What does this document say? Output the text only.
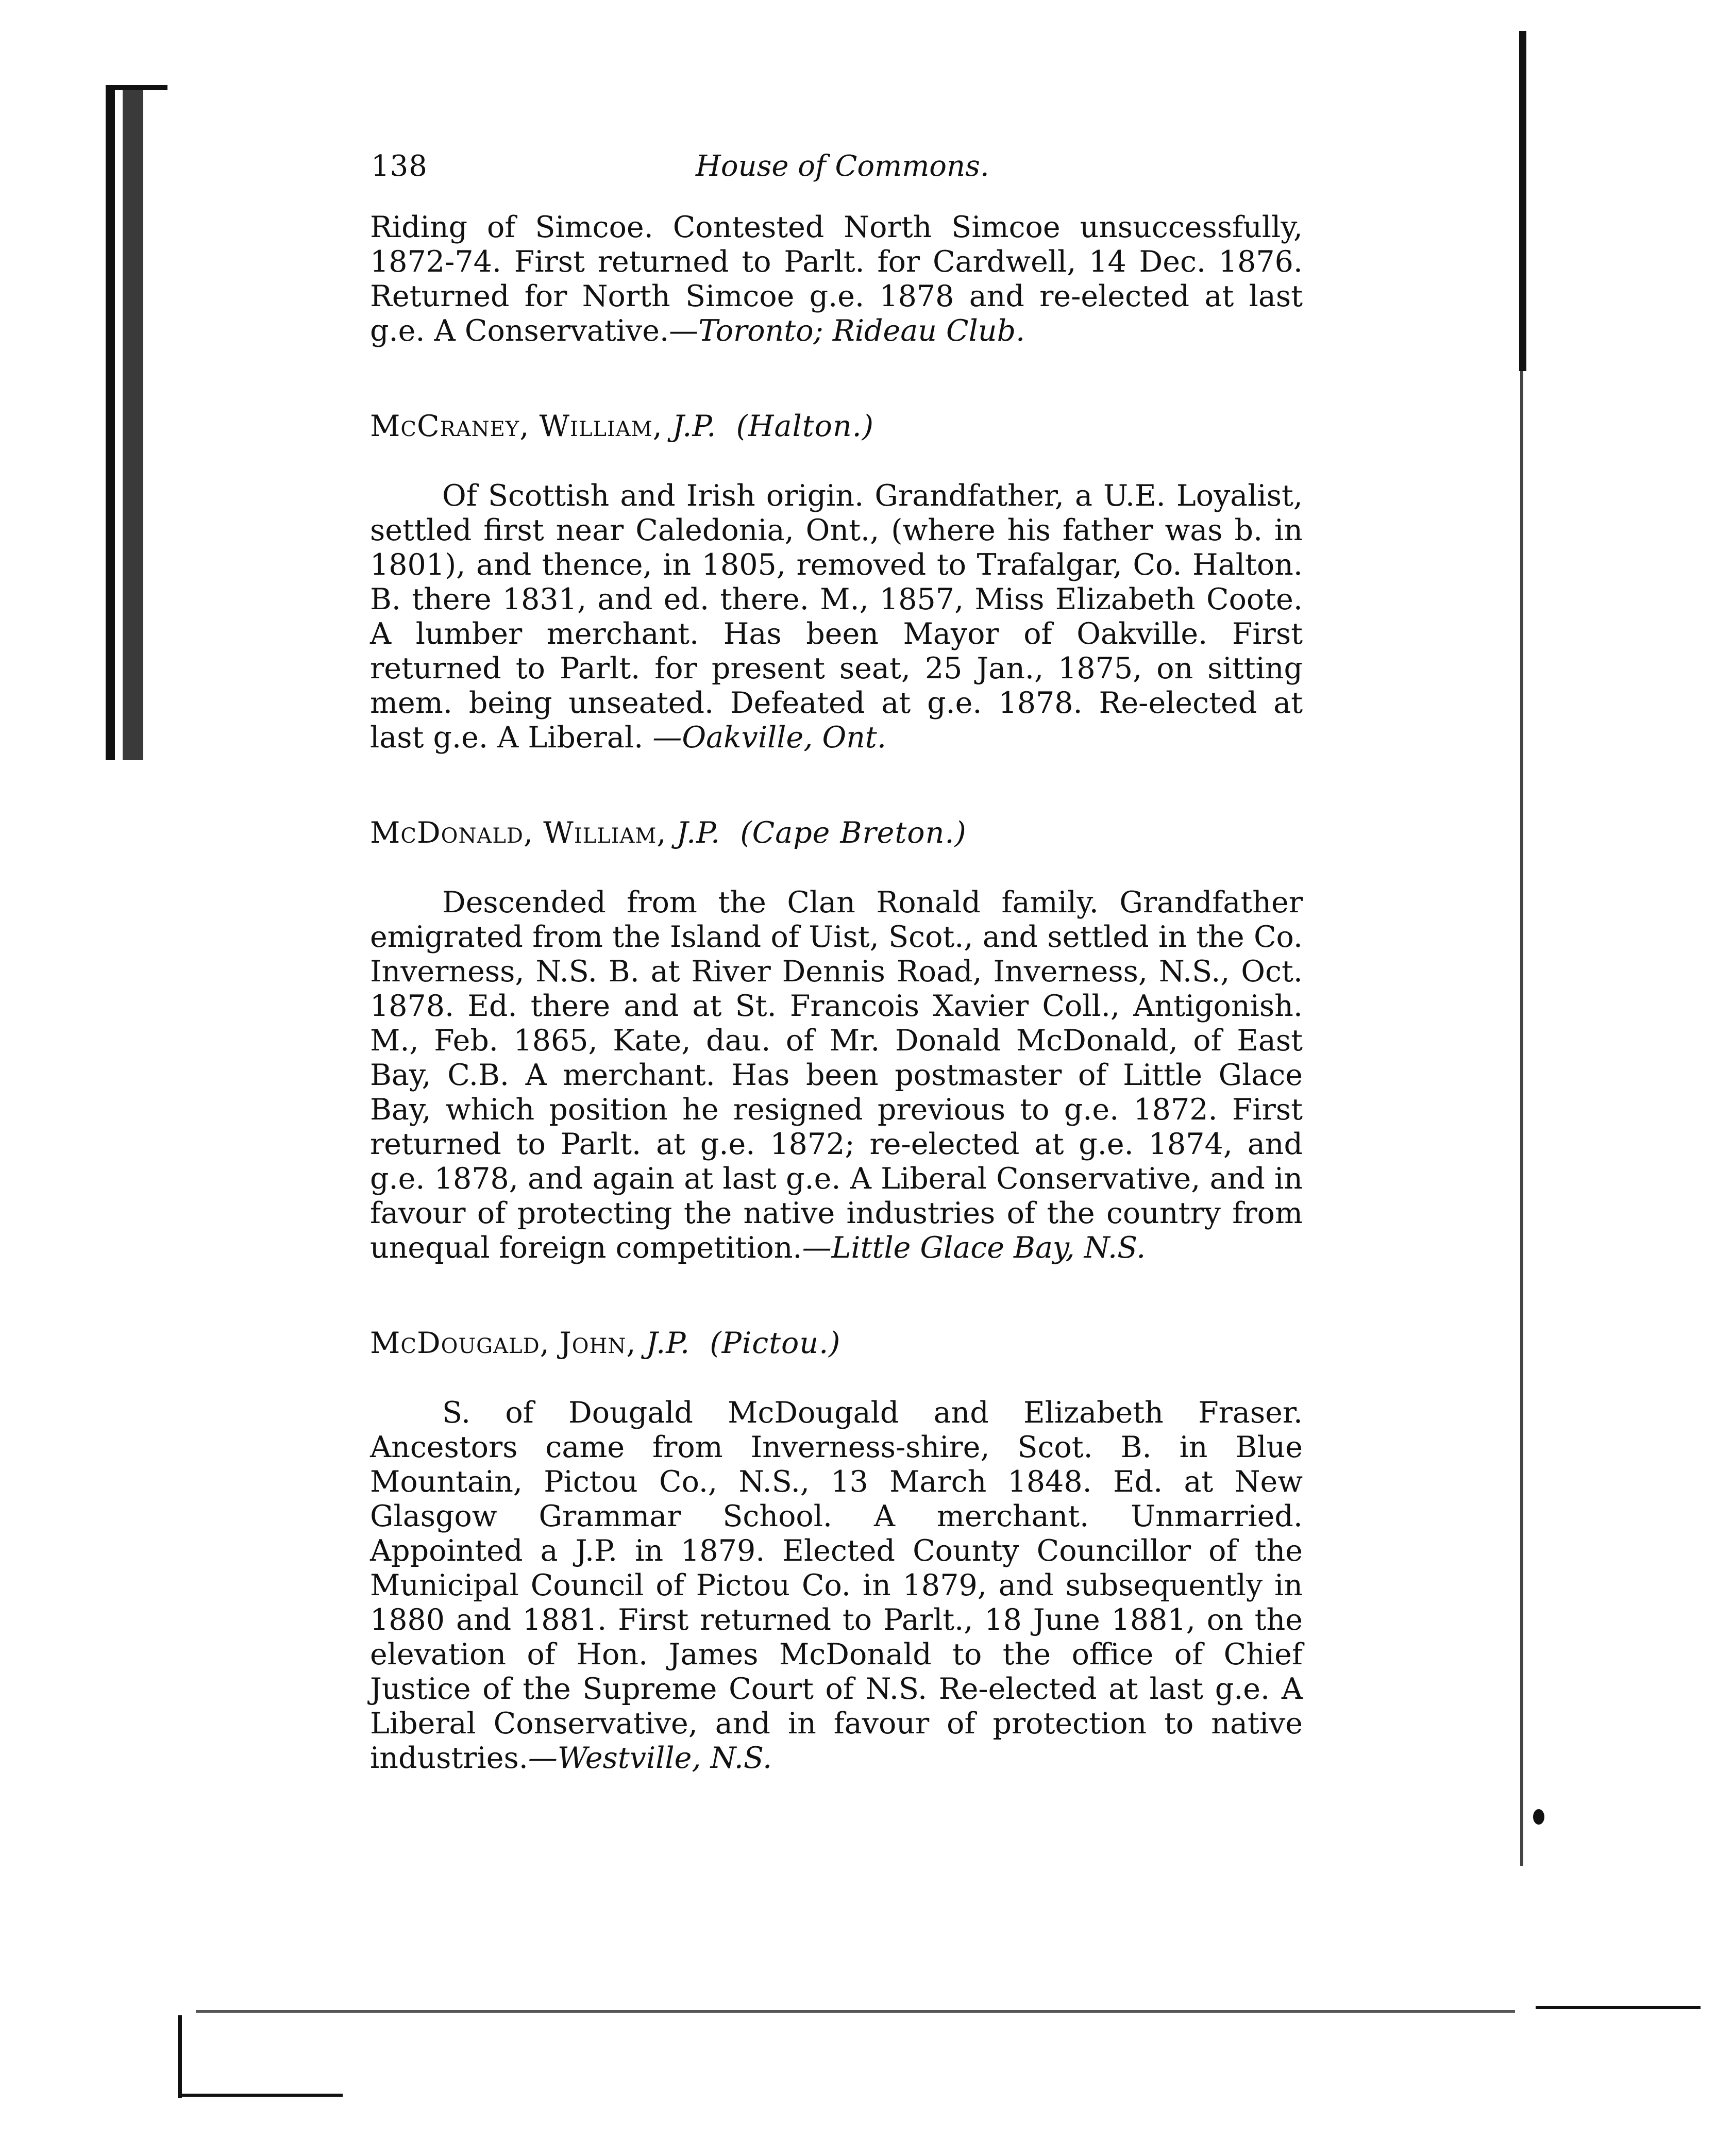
138	House of Commons.

Riding of Simcoe. Contested North Simcoe unsuccessfully, 1872-74. First returned to Parlt. for Cardwell, 14 Dec. 1876. Returned for North Simcoe g.e. 1878 and re-elected at last g.e. A Conservative.—Toronto; Rideau Club.

McCraney, William, J.P. (Halton.)

Of Scottish and Irish origin. Grandfather, a U.E. Loyalist, settled first near Caledonia, Ont., (where his father was b. in 1801), and thence, in 1805, removed to Trafalgar, Co. Halton. B. there 1831, and ed. there. M., 1857, Miss Elizabeth Coote. A lumber merchant. Has been Mayor of Oakville. First returned to Parlt. for present seat, 25 Jan., 1875, on sitting mem. being unseated. Defeated at g.e. 1878. Re-elected at last g.e. A Liberal. —Oakville, Ont.

McDonald, William, J.P. (Cape Breton.)

Descended from the Clan Ronald family. Grandfather emigrated from the Island of Uist, Scot., and settled in the Co. Inverness, N.S. B. at River Dennis Road, Inverness, N.S., Oct. 1878. Ed. there and at St. Francois Xavier Coll., Antigonish. M., Feb. 1865, Kate, dau. of Mr. Donald McDonald, of East Bay, C.B. A merchant. Has been postmaster of Little Glace Bay, which position he resigned previous to g.e. 1872. First returned to Parlt. at g.e. 1872; re-elected at g.e. 1874, and g.e. 1878, and again at last g.e. A Liberal Conservative, and in favour of protecting the native industries of the country from unequal foreign competition.—Little Glace Bay, N.S.

McDougald, John, J.P. (Pictou.)

S. of Dougald McDougald and Elizabeth Fraser. Ancestors came from Inverness-shire, Scot. B. in Blue Mountain, Pictou Co., N.S., 13 March 1848. Ed. at New Glasgow Grammar School. A merchant. Unmarried. Appointed a J.P. in 1879. Elected County Councillor of the Municipal Council of Pictou Co. in 1879, and subsequently in 1880 and 1881. First returned to Parlt., 18 June 1881, on the elevation of Hon. James McDonald to the office of Chief Justice of the Supreme Court of N.S. Re-elected at last g.e. A Liberal Conservative, and in favour of protection to native industries.—Westville, N.S.
